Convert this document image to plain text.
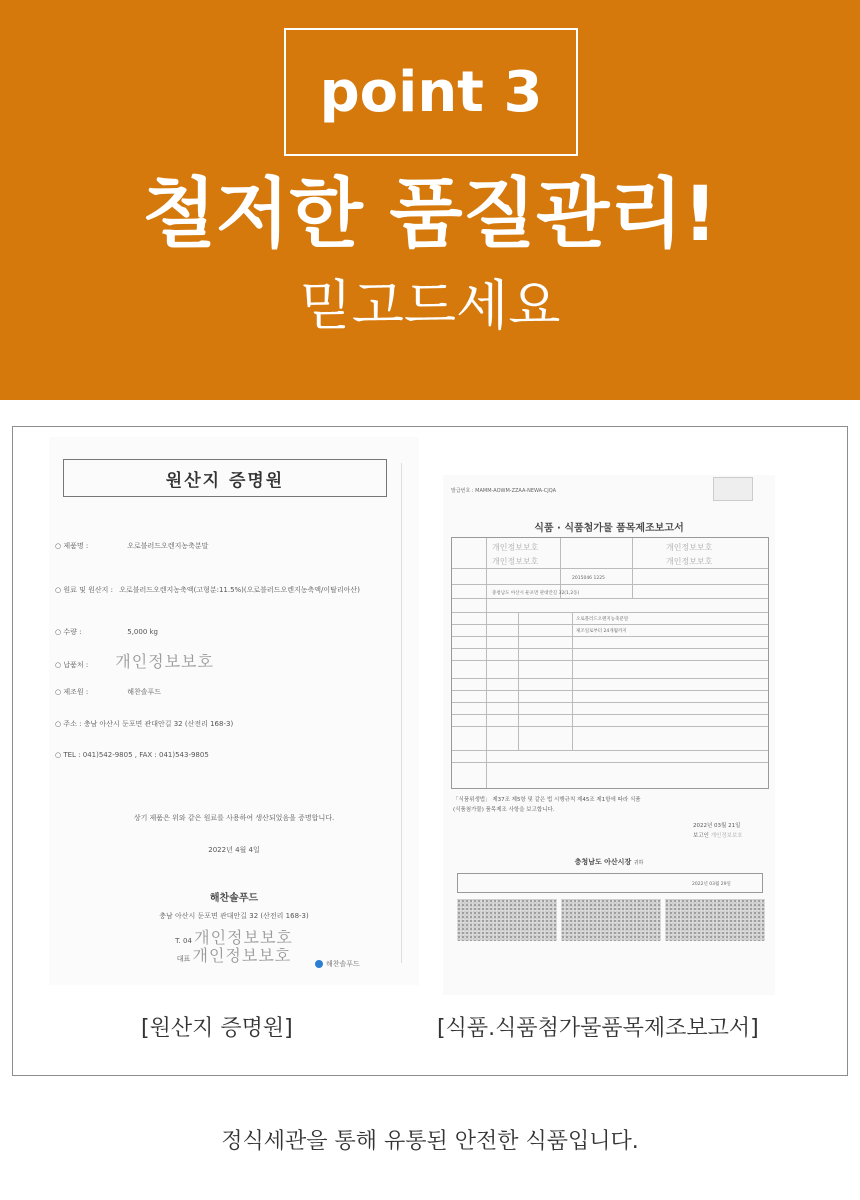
point 3
철저한 품질관리!
믿고드세요
원산지 증명원
○ 제품명 :	오로블러드오렌지농축분말
○ 원료 및 원산지 : 오로블러드오렌지농축액(고형분:11.5%)(오로블러드오렌지농축액/이탈리아산)
○ 수량 :	5,000 kg
○ 납품처 : 개인정보보호
○ 제조원 :	해찬솔푸드
○ 주소 : 충남 아산시 둔포면 관대안길 32 (산전리 168-3)
○ TEL : 041)542-9805 , FAX : 041)543-9805
상기 제품은 위와 같은 원료를 사용하여 생산되었음을 증명합니다.
2022년 4월 4일
해찬솔푸드
충남 아산시 둔포면 관대안길 32 (산전리 168-3)
T. 04 개인정보보호
대표 개인정보보호	해찬솔푸드
발급번호 : MAMM-AOWM-ZZAA-NEWA-CJQA
식품 · 식품첨가물 품목제조보고서
개인정보보호	개인정보보호
개인정보보호	개인정보보호
2015046 1225
충청남도 아산시 둔포면 관대안길 32(1,2동)
오로블러드오렌지농축분말
제조일로부터 24개월까지
「식품위생법」 제37조 제5항 및 같은 법 시행규칙 제45조 제1항에 따라 식품
(식품첨가물) 품목제조 사항을 보고합니다.
2022년 03월 21일
보고인 개인정보보호
충청남도 아산시장 귀하
2022년 03월 29일
[원산지 증명원]	[식품.식품첨가물품목제조보고서]
정식세관을 통해 유통된 안전한 식품입니다.
